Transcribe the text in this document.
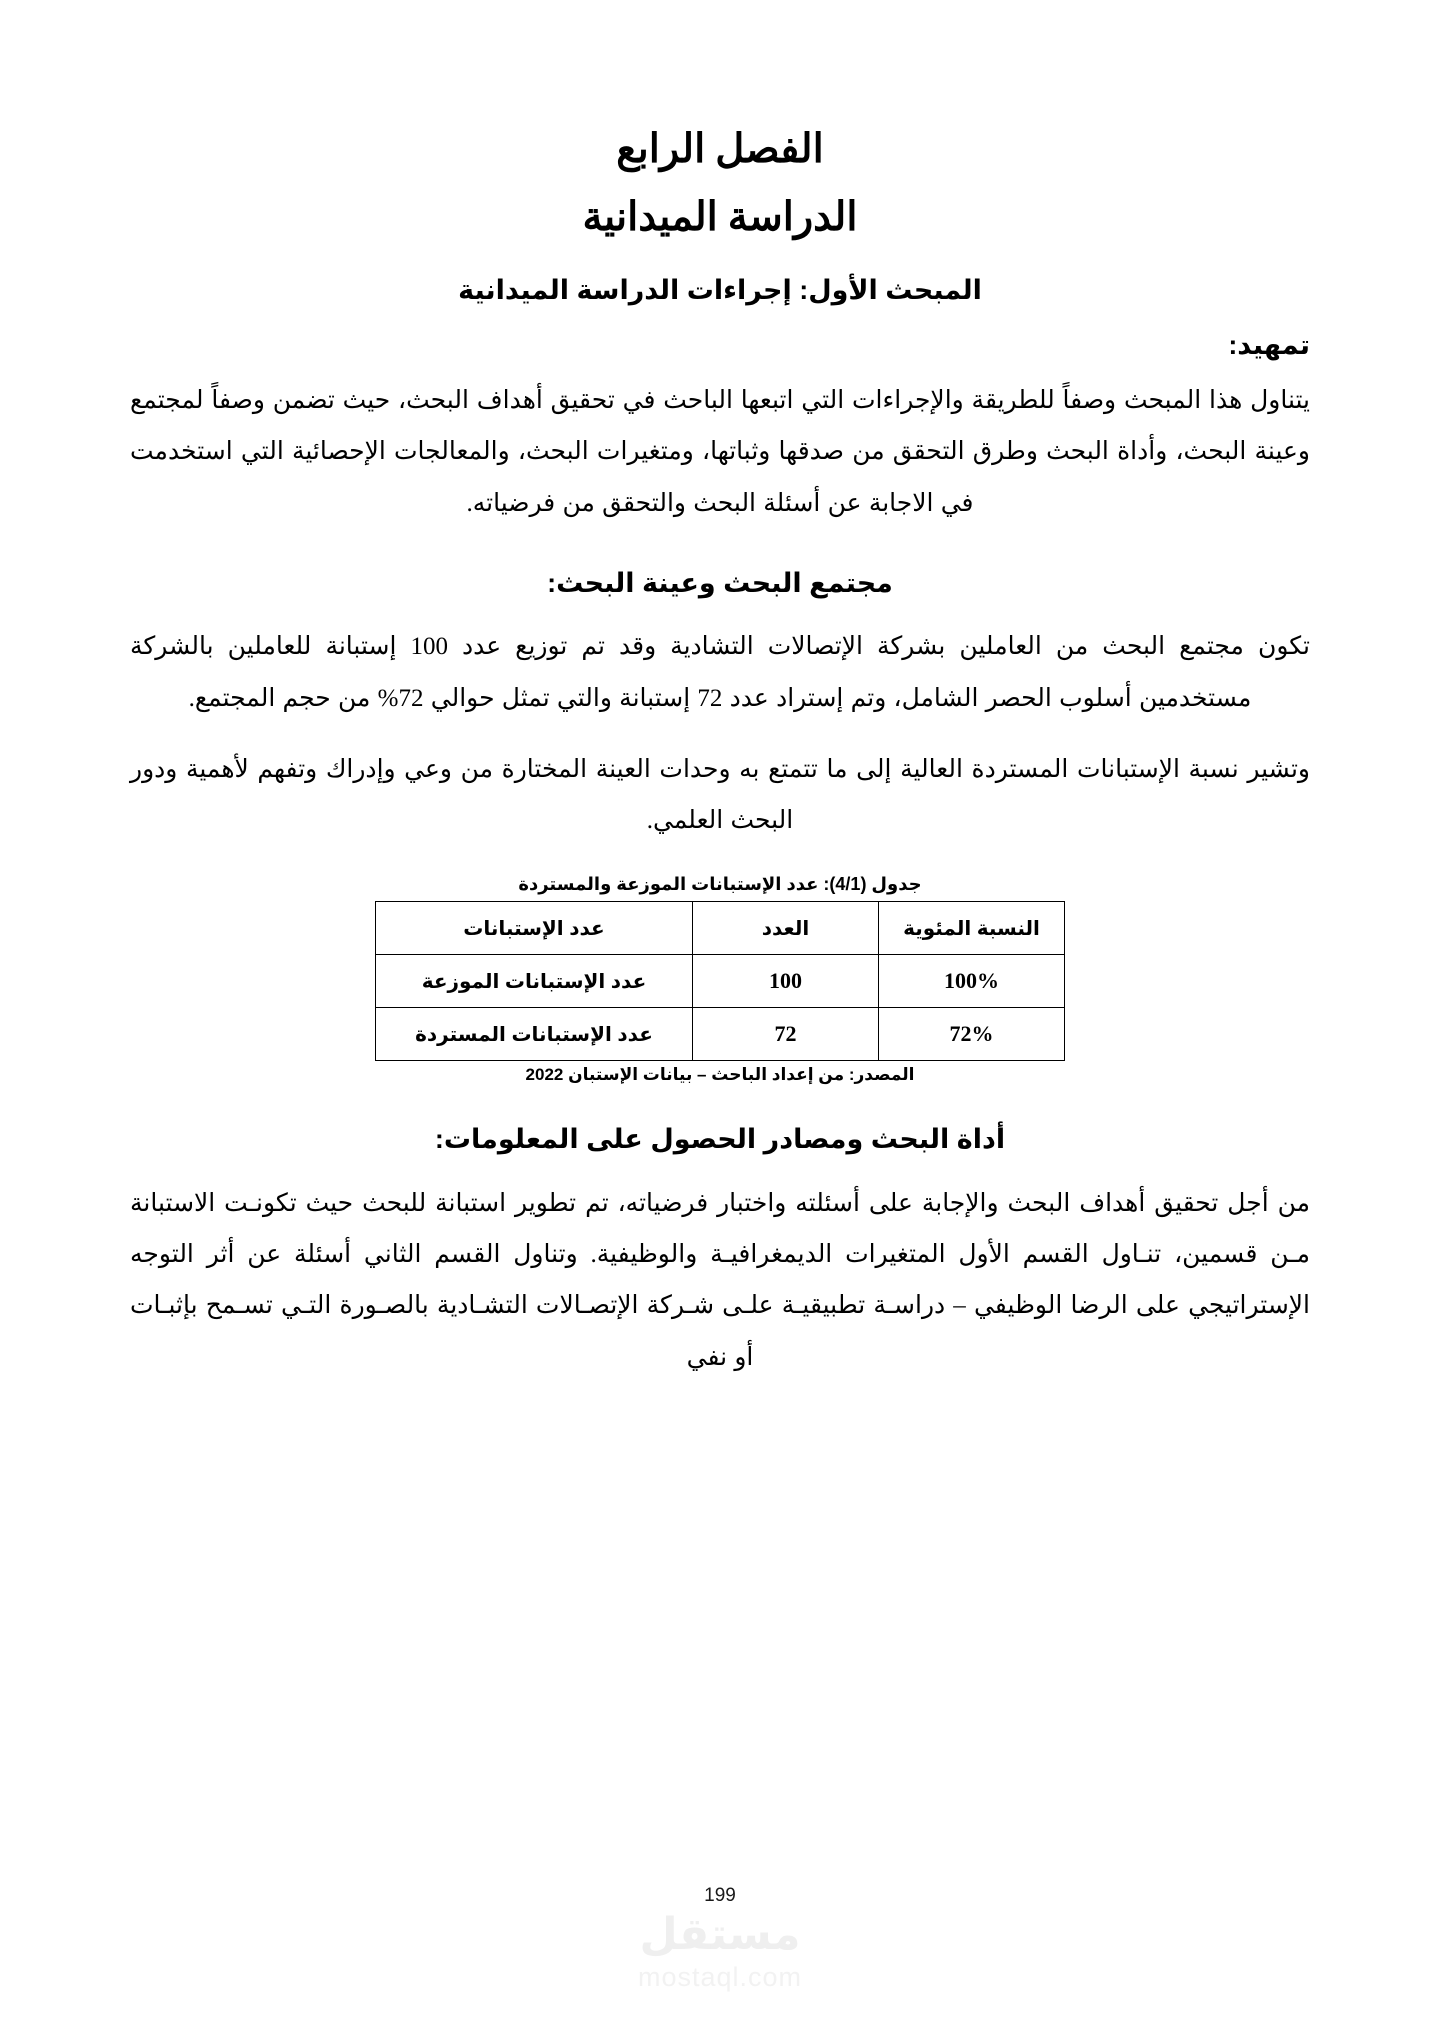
الفصل الرابع
الدراسة الميدانية
المبحث الأول: إجراءات الدراسة الميدانية
تمهيد:

يتناول هذا المبحث وصفاً للطريقة والإجراءات التي اتبعها الباحث في تحقيق أهداف البحث، حيث تضمن وصفاً لمجتمع وعينة البحث، وأداة البحث وطرق التحقق من صدقها وثباتها، ومتغيرات البحث، والمعالجات الإحصائية التي استخدمت في الاجابة عن أسئلة البحث والتحقق من فرضياته.

مجتمع البحث وعينة البحث:

تكون مجتمع البحث من العاملين بشركة الإتصالات التشادية وقد تم توزيع عدد 100 إستبانة للعاملين بالشركة مستخدمين أسلوب الحصر الشامل، وتم إستراد عدد 72 إستبانة والتي تمثل حوالي 72% من حجم المجتمع.

وتشير نسبة الإستبانات المستردة العالية إلى ما تتمتع به وحدات العينة المختارة من وعي وإدراك وتفهم لأهمية ودور البحث العلمي.

جدول (4/1): عدد الإستبانات الموزعة والمستردة
النسبة المئوية	العدد	عدد الإستبانات
100%	100	عدد الإستبانات الموزعة
72%	72	عدد الإستبانات المستردة
المصدر: من إعداد الباحث – بيانات الإستبان 2022
أداة البحث ومصادر الحصول على المعلومات:

من أجل تحقيق أهداف البحث والإجابة على أسئلته واختبار فرضياته، تم تطوير استبانة للبحث حيث تكونـت الاستبانة مـن قسمين، تنـاول القسم الأول المتغيرات الديمغرافيـة والوظيفية. وتناول القسم الثاني أسئلة عن أثر التوجه الإستراتيجي على الرضا الوظيفي – دراسـة تطبيقيـة علـى شـركة الإتصـالات التشـادية بالصـورة التـي تسـمح بإثبـات أو نفي

199
مستقل
mostaql.com
